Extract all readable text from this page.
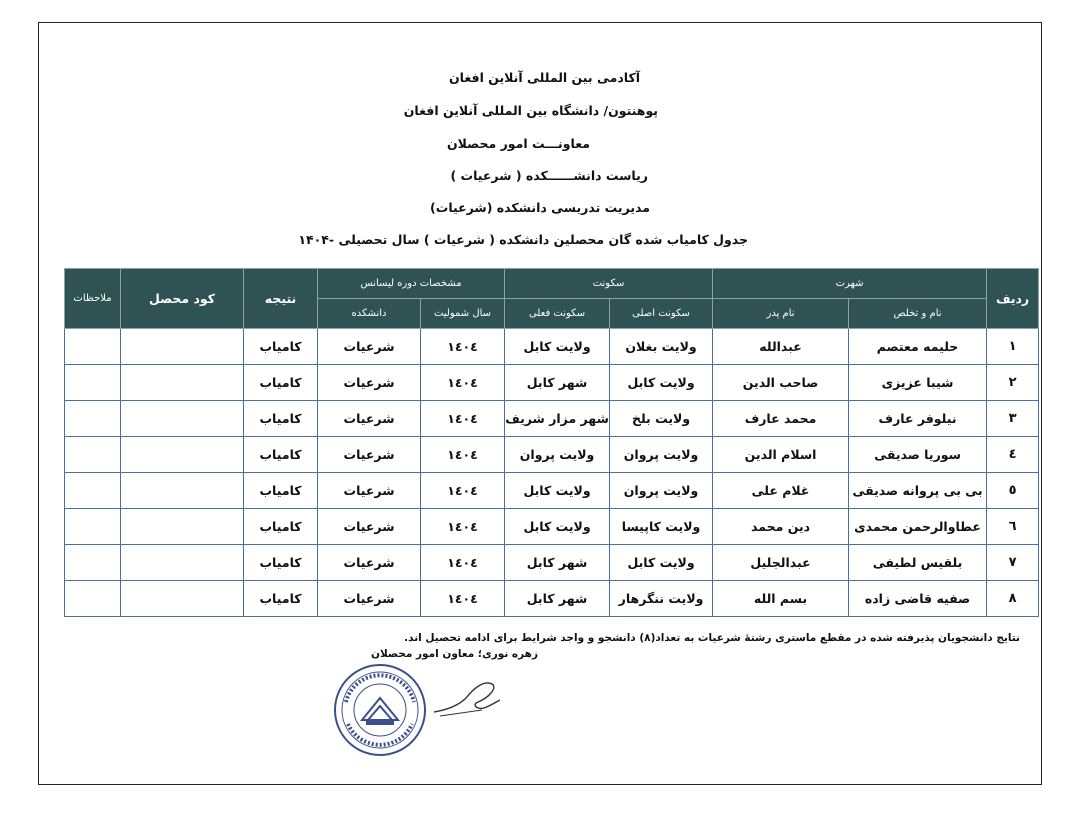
آکادمی بین المللی آنلاین افغان
پوهنتون/ دانشگاه بین المللی آنلاین افغان
معاونـــت امور محصلان
ریاست دانشــــــکده ( شرعیات )
مدیریت تدریسی دانشکده (شرعیات)
جدول کامیاب شده گان محصلین دانشکده ( شرعیات ) سال تحصیلی -۱۴۰۴
ردیف	شهرت		سکونت		مشخصات دوره لیسانس		نتیجه	کود محصل	ملاحظات
	نام و تخلص	نام پدر	سکونت اصلی	سکونت فعلی	سال شمولیت	دانشکده			
۱	حلیمه معتصم	عبدالله	ولایت بغلان	ولایت کابل	۱٤۰٤	شرعیات	کامیاب		
۲	شیبا عزیزی	صاحب الدین	ولایت کابل	شهر کابل	۱٤۰٤	شرعیات	کامیاب		
۳	نیلوفر عارف	محمد عارف	ولایت بلخ	شهر مزار شریف	۱٤۰٤	شرعیات	کامیاب		
٤	سوریا صدیقی	اسلام الدین	ولایت پروان	ولایت پروان	۱٤۰٤	شرعیات	کامیاب		
٥	بی بی پروانه صدیقی	غلام علی	ولایت پروان	ولایت کابل	۱٤۰٤	شرعیات	کامیاب		
٦	عطاوالرحمن محمدی	دین محمد	ولایت کاپیسا	ولایت کابل	۱٤۰٤	شرعیات	کامیاب		
۷	بلقیس لطیفی	عبدالجلیل	ولایت کابل	شهر کابل	۱٤۰٤	شرعیات	کامیاب		
۸	صفیه قاضی زاده	بسم الله	ولایت ننگرهار	شهر کابل	۱٤۰٤	شرعیات	کامیاب		
نتایج دانشجویان پذیرفته شده در مقطع ماستری رشتهٔ شرعیات به تعداد(۸) دانشجو و واجد شرایط برای ادامه تحصیل اند.
زهره نوری؛ معاون امور محصلان
